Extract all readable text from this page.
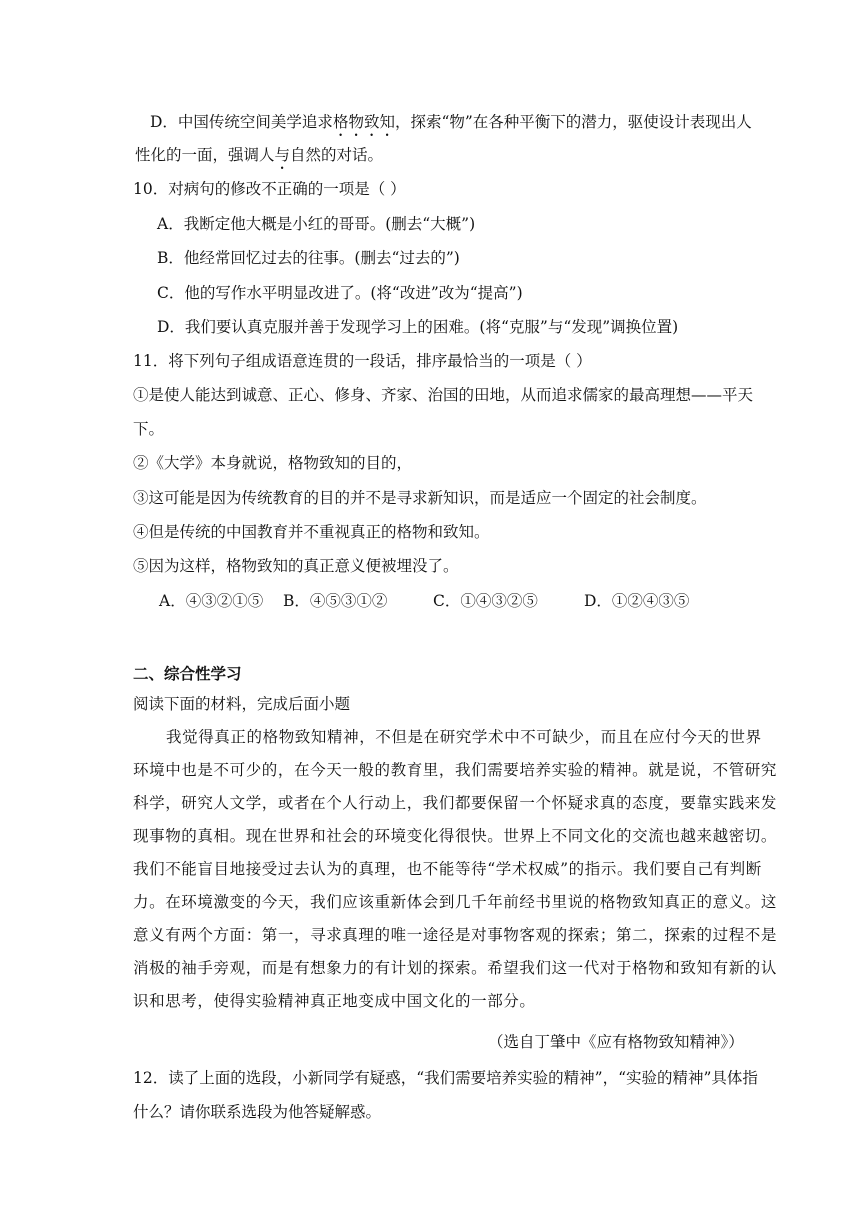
D．中国传统空间美学追求格物致知，探索“物”在各种平衡下的潜力，驱使设计表现出人
性化的一面，强调人与自然的对话。
10．对病句的修改不正确的一项是（ ）
A．我断定他大概是小红的哥哥。(删去“大概”)
B．他经常回忆过去的往事。(删去“过去的”)
C．他的写作水平明显改进了。(将“改进”改为“提高”)
D．我们要认真克服并善于发现学习上的困难。(将“克服”与“发现”调换位置)
11．将下列句子组成语意连贯的一段话，排序最恰当的一项是（ ）
①是使人能达到诚意、正心、修身、齐家、治国的田地，从而追求儒家的最高理想——平天
下。
②《大学》本身就说，格物致知的目的，
③这可能是因为传统教育的目的并不是寻求新知识，而是适应一个固定的社会制度。
④但是传统的中国教育并不重视真正的格物和致知。
⑤因为这样，格物致知的真正意义便被埋没了。
A．④③②①⑤ B．④⑤③①②	C．①④③②⑤	D．①②④③⑤
二、综合性学习
阅读下面的材料，完成后面小题
我觉得真正的格物致知精神，不但是在研究学术中不可缺少，而且在应付今天的世界
环境中也是不可少的，在今天一般的教育里，我们需要培养实验的精神。就是说，不管研究
科学，研究人文学，或者在个人行动上，我们都要保留一个怀疑求真的态度，要靠实践来发
现事物的真相。现在世界和社会的环境变化得很快。世界上不同文化的交流也越来越密切。
我们不能盲目地接受过去认为的真理，也不能等待“学术权威”的指示。我们要自己有判断
力。在环境激变的今天，我们应该重新体会到几千年前经书里说的格物致知真正的意义。这
意义有两个方面：第一，寻求真理的唯一途径是对事物客观的探索；第二，探索的过程不是
消极的袖手旁观，而是有想象力的有计划的探索。希望我们这一代对于格物和致知有新的认
识和思考，使得实验精神真正地变成中国文化的一部分。
（选自丁肇中《应有格物致知精神》）
12．读了上面的选段，小新同学有疑惑，“我们需要培养实验的精神”，“实验的精神”具体指
什么？请你联系选段为他答疑解惑。
